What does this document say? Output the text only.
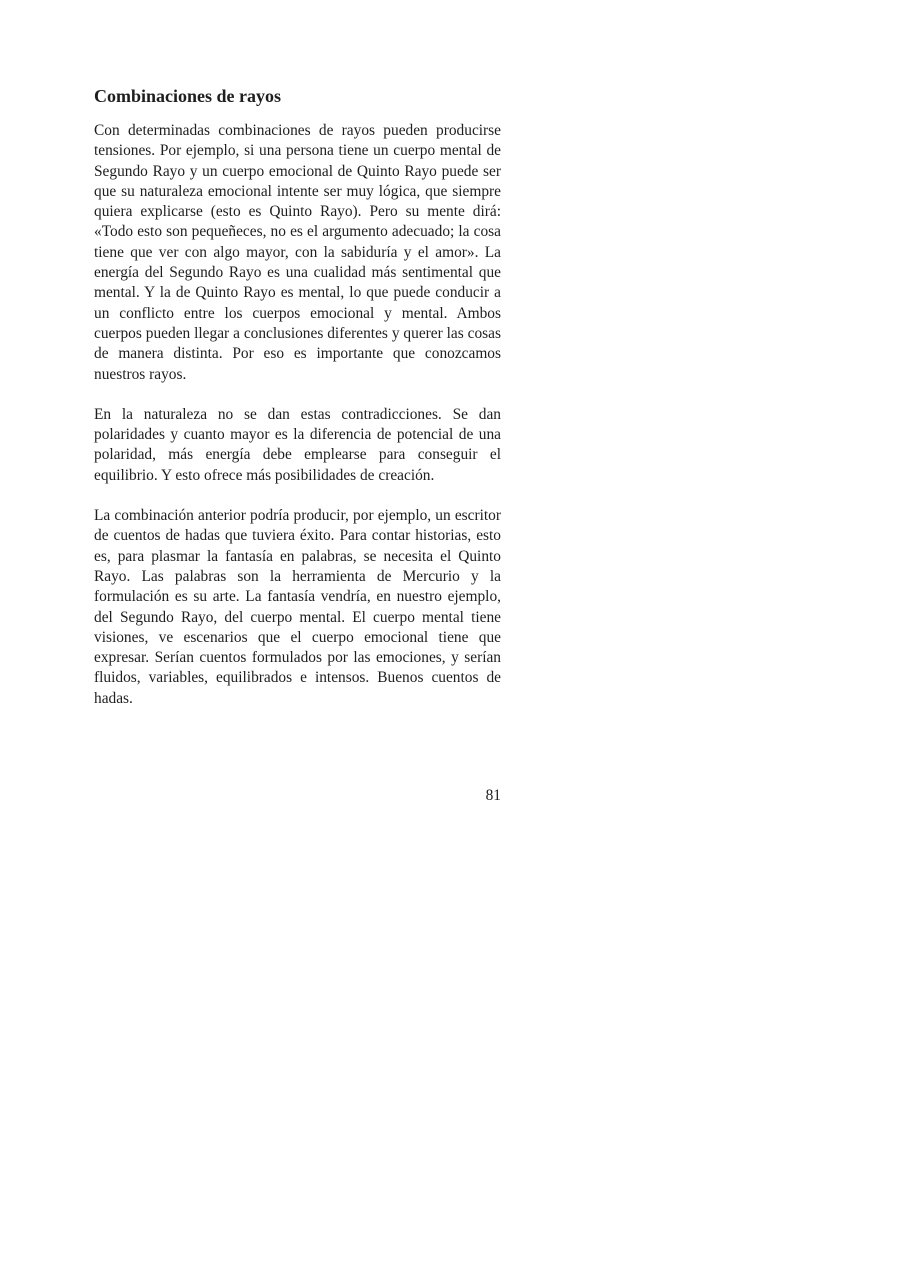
Combinaciones de rayos

Con determinadas combinaciones de rayos pueden producirse tensiones. Por ejemplo, si una persona tiene un cuerpo mental de Segundo Rayo y un cuerpo emocional de Quinto Rayo puede ser que su naturaleza emocional intente ser muy lógica, que siempre quiera explicarse (esto es Quinto Rayo). Pero su mente dirá: «Todo esto son pequeñeces, no es el argumento adecuado; la cosa tiene que ver con algo mayor, con la sabiduría y el amor». La energía del Segundo Rayo es una cualidad más sentimental que mental. Y la de Quinto Rayo es mental, lo que puede conducir a un conflicto entre los cuerpos emocional y mental. Ambos cuerpos pueden llegar a conclusiones diferentes y querer las cosas de manera distinta. Por eso es importante que conozcamos nuestros rayos.

En la naturaleza no se dan estas contradicciones. Se dan polaridades y cuanto mayor es la diferencia de potencial de una polaridad, más energía debe emplearse para conseguir el equilibrio. Y esto ofrece más posibilidades de creación.

La combinación anterior podría producir, por ejemplo, un escritor de cuentos de hadas que tuviera éxito. Para contar historias, esto es, para plasmar la fantasía en palabras, se necesita el Quinto Rayo. Las palabras son la herramienta de Mercurio y la formulación es su arte. La fantasía vendría, en nuestro ejemplo, del Segundo Rayo, del cuerpo mental. El cuerpo mental tiene visiones, ve escenarios que el cuerpo emocional tiene que expresar. Serían cuentos formulados por las emociones, y serían fluidos, variables, equilibrados e intensos. Buenos cuentos de hadas.

81
